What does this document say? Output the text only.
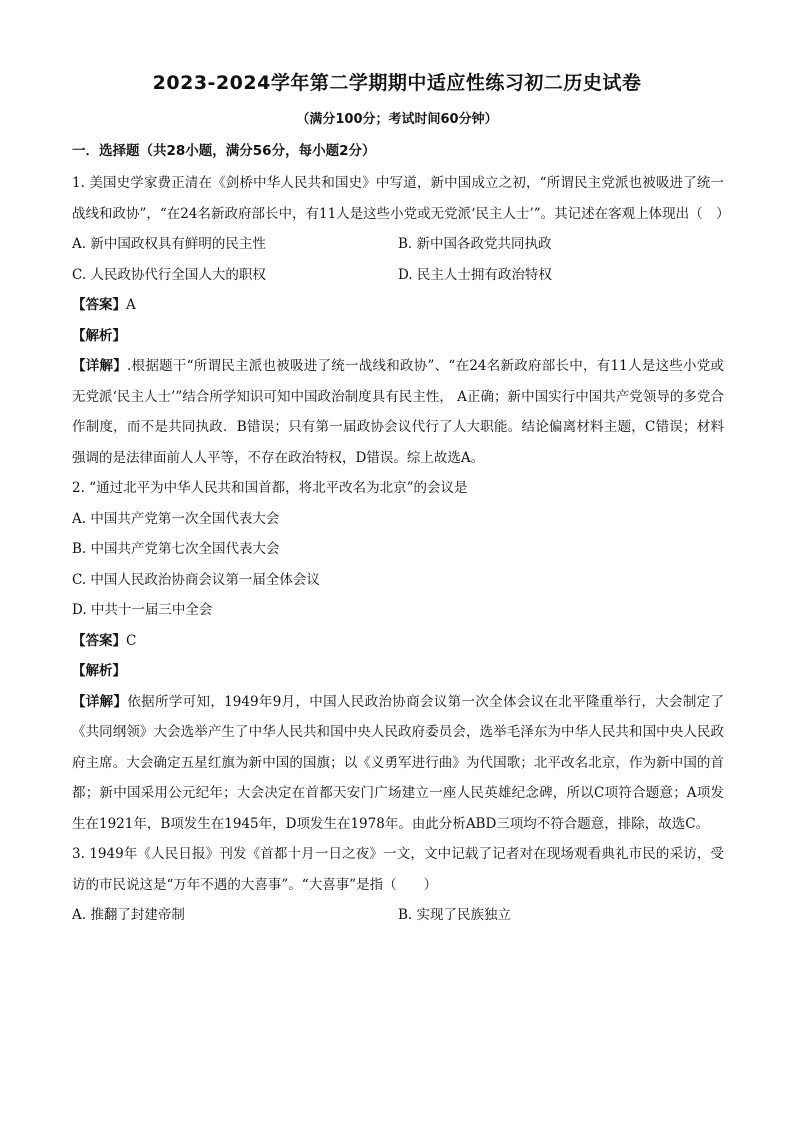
2023-2024学年第二学期期中适应性练习初二历史试卷
（满分100分；考试时间60分钟）
一．选择题（共28小题，满分56分，每小题2分）

1. 美国史学家费正清在《剑桥中华人民共和国史》中写道，新中国成立之初，“所谓民主党派也被吸进了统一战线和政协”，“在24名新政府部长中，有11人是这些小党或无党派‘民主人士’”。其记述在客观上体现出（　）

A. 新中国政权具有鲜明的民主性	B. 新中国各政党共同执政
C. 人民政协代行全国人大的职权	D. 民主人士拥有政治特权

【答案】A

【解析】

【详解】.根据题干“所谓民主派也被吸进了统一战线和政协”、“在24名新政府部长中，有11人是这些小党或无党派‘民主人士’”结合所学知识可知中国政治制度具有民主性， A正确；新中国实行中国共产党领导的多党合作制度，而不是共同执政．B错误；只有第一届政协会议代行了人大职能。结论偏离材料主题，C错误；材料强调的是法律面前人人平等，不存在政治特权，D错误。综上故选A。

2. “通过北平为中华人民共和国首都，将北平改名为北京”的会议是

A. 中国共产党第一次全国代表大会

B. 中国共产党第七次全国代表大会

C. 中国人民政治协商会议第一届全体会议

D. 中共十一届三中全会

【答案】C

【解析】

【详解】依据所学可知，1949年9月，中国人民政治协商会议第一次全体会议在北平隆重举行，大会制定了《共同纲领》大会选举产生了中华人民共和国中央人民政府委员会，选举毛泽东为中华人民共和国中央人民政府主席。大会确定五星红旗为新中国的国旗；以《义勇军进行曲》为代国歌；北平改名北京，作为新中国的首都；新中国采用公元纪年；大会决定在首都天安门广场建立一座人民英雄纪念碑，所以C项符合题意；A项发生在1921年，B项发生在1945年，D项发生在1978年。由此分析ABD三项均不符合题意，排除，故选C。

3. 1949年《人民日报》刊发《首都十月一日之夜》一文，文中记载了记者对在现场观看典礼市民的采访，受访的市民说这是“万年不遇的大喜事”。“大喜事”是指（　　）

A. 推翻了封建帝制	B. 实现了民族独立
